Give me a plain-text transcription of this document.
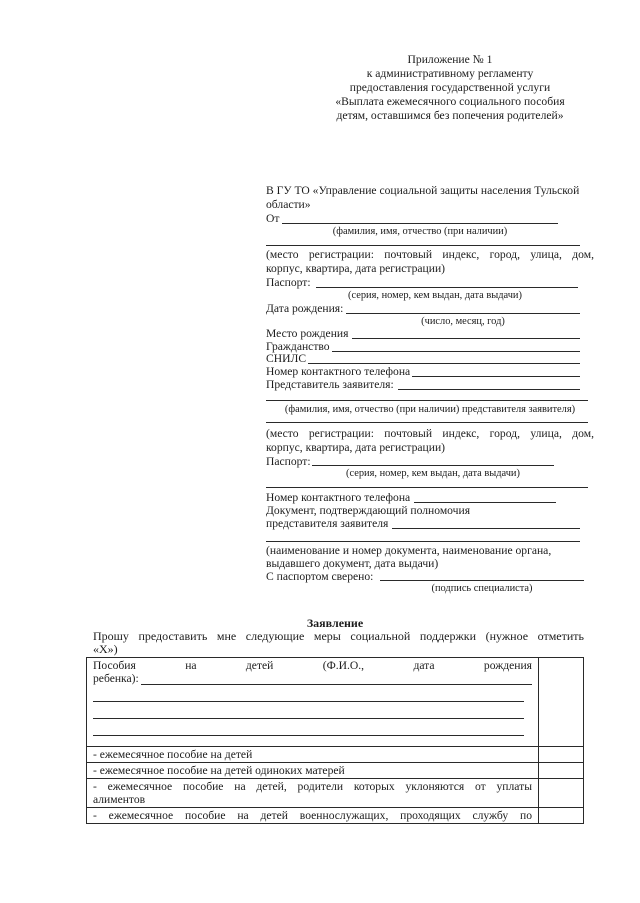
Приложение № 1
к административному регламенту
предоставления государственной услуги
«Выплата ежемесячного социального пособия
детям, оставшимся без попечения родителей»
В ГУ ТО «Управление социальной защиты населения Тульской
области»
От
(фамилия, имя, отчество (при наличии)
(место регистрации: почтовый индекс, город, улица, дом,
корпус, квартира, дата регистрации)
Паспорт:
(серия, номер, кем выдан, дата выдачи)
Дата рождения:
(число, месяц, год)
Место рождения
Гражданство
СНИЛС
Номер контактного телефона
Представитель заявителя:
(фамилия, имя, отчество (при наличии) представителя заявителя)
(место регистрации: почтовый индекс, город, улица, дом,
корпус, квартира, дата регистрации)
Паспорт:
(серия, номер, кем выдан, дата выдачи)
Номер контактного телефона
Документ, подтверждающий полномочия
представителя заявителя
(наименование и номер документа, наименование органа,
выдавшего документ, дата выдачи)
С паспортом сверено:
(подпись специалиста)
Заявление
Прошу предоставить мне следующие меры социальной поддержки (нужное отметить
«Х»)
Пособия на детей (Ф.И.О., дата рождения
ребенка):	

- ежемесячное пособие на детей	

- ежемесячное пособие на детей одиноких матерей	

- ежемесячное пособие на детей, родители которых уклоняются от уплаты
алиментов	

- ежемесячное пособие на детей военнослужащих, проходящих службу по	
